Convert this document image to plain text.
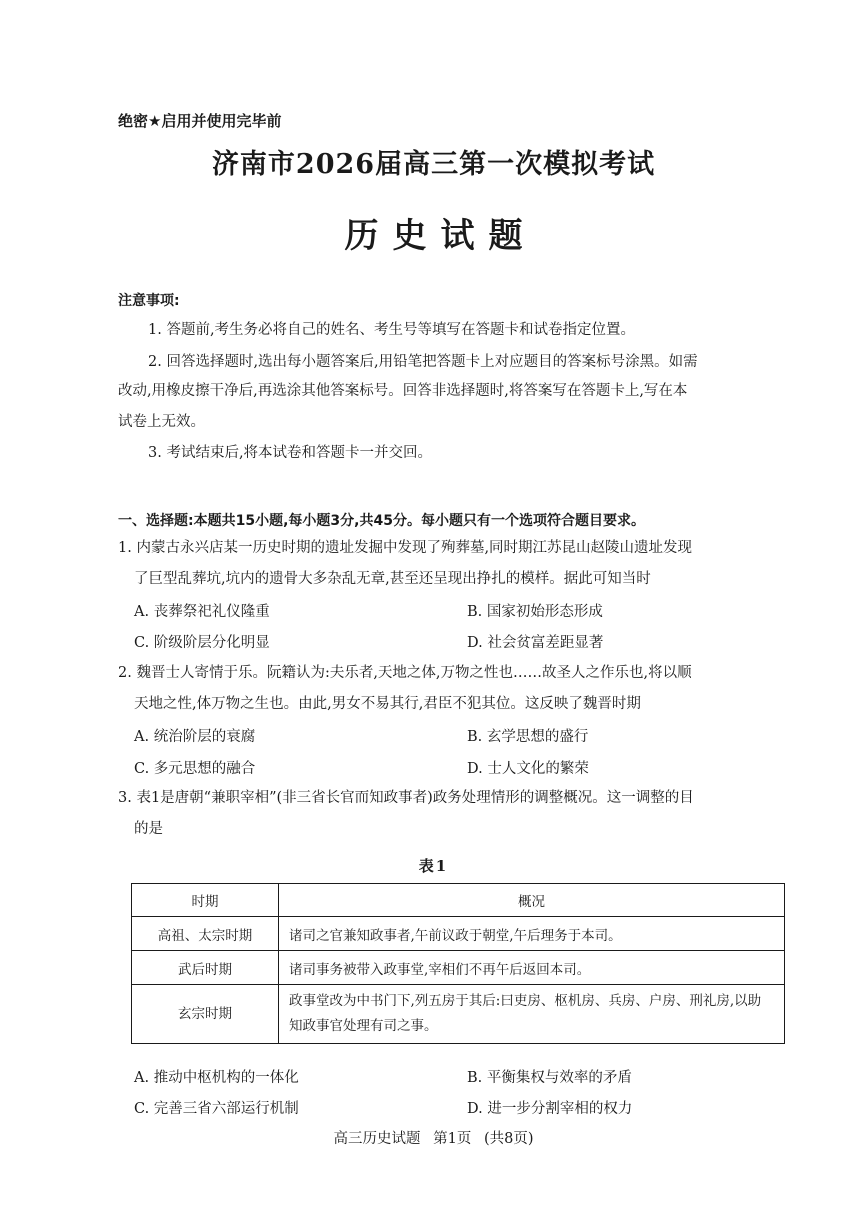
绝密★启用并使用完毕前
济南市2026届高三第一次模拟考试
历史试题
注意事项:
1. 答题前,考生务必将自己的姓名、考生号等填写在答题卡和试卷指定位置。
2. 回答选择题时,选出每小题答案后,用铅笔把答题卡上对应题目的答案标号涂黑。如需
改动,用橡皮擦干净后,再选涂其他答案标号。回答非选择题时,将答案写在答题卡上,写在本
试卷上无效。
3. 考试结束后,将本试卷和答题卡一并交回。
一、选择题:本题共15小题,每小题3分,共45分。每小题只有一个选项符合题目要求。
1. 内蒙古永兴店某一历史时期的遗址发掘中发现了殉葬墓,同时期江苏昆山赵陵山遗址发现
了巨型乱葬坑,坑内的遗骨大多杂乱无章,甚至还呈现出挣扎的模样。据此可知当时
A. 丧葬祭祀礼仪隆重	B. 国家初始形态形成
C. 阶级阶层分化明显	D. 社会贫富差距显著
2. 魏晋士人寄情于乐。阮籍认为:夫乐者,天地之体,万物之性也……故圣人之作乐也,将以顺
天地之性,体万物之生也。由此,男女不易其行,君臣不犯其位。这反映了魏晋时期
A. 统治阶层的衰腐	B. 玄学思想的盛行
C. 多元思想的融合	D. 士人文化的繁荣
3. 表1是唐朝“兼职宰相”(非三省长官而知政事者)政务处理情形的调整概况。这一调整的目
的是
表1
时期	概况
高祖、太宗时期	诸司之官兼知政事者,午前议政于朝堂,午后理务于本司。
武后时期	诸司事务被带入政事堂,宰相们不再午后返回本司。
玄宗时期	政事堂改为中书门下,列五房于其后:曰吏房、枢机房、兵房、户房、刑礼房,以助知政事官处理有司之事。
A. 推动中枢机构的一体化	B. 平衡集权与效率的矛盾
C. 完善三省六部运行机制	D. 进一步分割宰相的权力
高三历史试题 第1页 (共8页)
